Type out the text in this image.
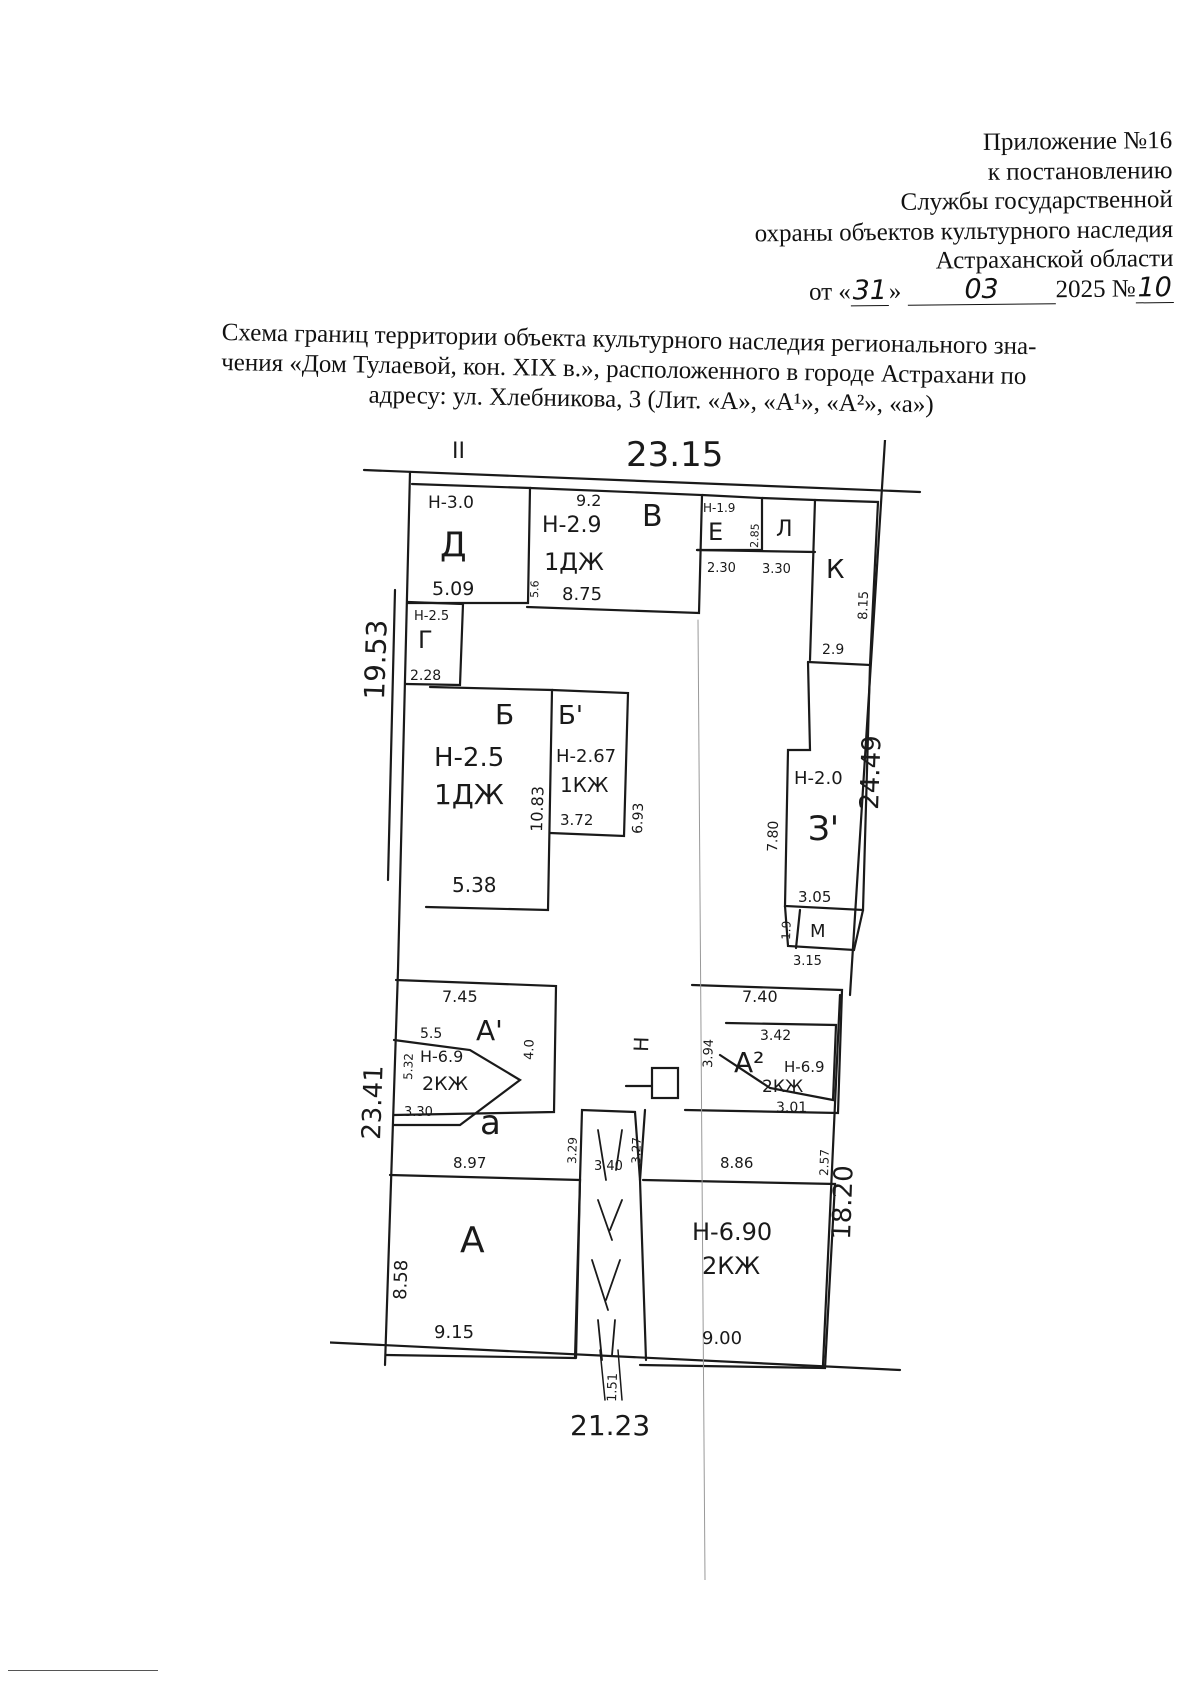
Приложение №16
к постановлению
Службы государственной
охраны объектов культурного наследия
Астраханской области
от «31» 03 2025 №10
Схема границ территории объекта культурного наследия регионального зна-
чения «Дом Тулаевой, кон. XIX в.», расположенного в городе Астрахани по
адресу: ул. Хлебникова, 3 (Лит. «А», «А¹», «А²», «а»)
II	23.15
19.53
24.49
23.41
18.20
21.23
1.51
Н-3.0
Д
5.09
9.2
Н-2.9 В
1ДЖ
8.75
5.6
Н-1.9
Е 2.85
2.30
Л
3.30 К
8.15
2.9
Н-2.5
Г
2.28
Б
Н-2.5
1ДЖ 10.83
5.38
Б'
Н-2.67
1КЖ
3.72	6.93
Н-2.0
З'
7.80
3.05
1.9 М
3.15
7.45
5.5 А'
Н-6.9
2КЖ
5.32
4.0
3.30 а
Н
7.40
3.42
А² Н-6.9
2КЖ
3.94
3.01
8.97
А
8.58
9.15
3.29
3.40
3.27	8.86	2.57
Н-6.90
2КЖ
9.00
